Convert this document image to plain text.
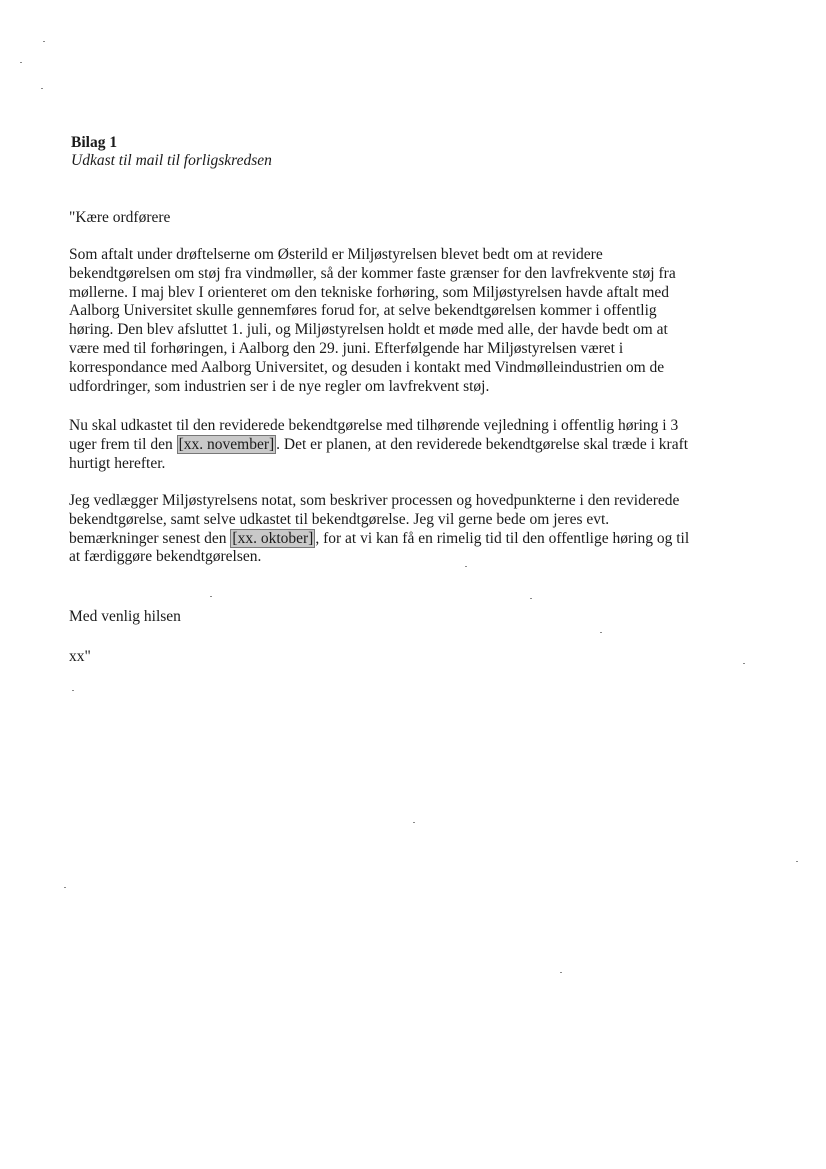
Bilag 1
Udkast til mail til forligskredsen
"Kære ordførere
Som aftalt under drøftelserne om Østerild er Miljøstyrelsen blevet bedt om at revidere
bekendtgørelsen om støj fra vindmøller, så der kommer faste grænser for den lavfrekvente støj fra
møllerne. I maj blev I orienteret om den tekniske forhøring, som Miljøstyrelsen havde aftalt med
Aalborg Universitet skulle gennemføres forud for, at selve bekendtgørelsen kommer i offentlig
høring. Den blev afsluttet 1. juli, og Miljøstyrelsen holdt et møde med alle, der havde bedt om at
være med til forhøringen, i Aalborg den 29. juni. Efterfølgende har Miljøstyrelsen været i
korrespondance med Aalborg Universitet, og desuden i kontakt med Vindmølleindustrien om de
udfordringer, som industrien ser i de nye regler om lavfrekvent støj.
Nu skal udkastet til den reviderede bekendtgørelse med tilhørende vejledning i offentlig høring i 3
uger frem til den [xx. november] . Det er planen, at den reviderede bekendtgørelse skal træde i kraft
hurtigt herefter.
Jeg vedlægger Miljøstyrelsens notat, som beskriver processen og hovedpunkterne i den reviderede
bekendtgørelse, samt selve udkastet til bekendtgørelse. Jeg vil gerne bede om jeres evt.
bemærkninger senest den [xx. oktober] , for at vi kan få en rimelig tid til den offentlige høring og til
at færdiggøre bekendtgørelsen.
Med venlig hilsen
xx"
